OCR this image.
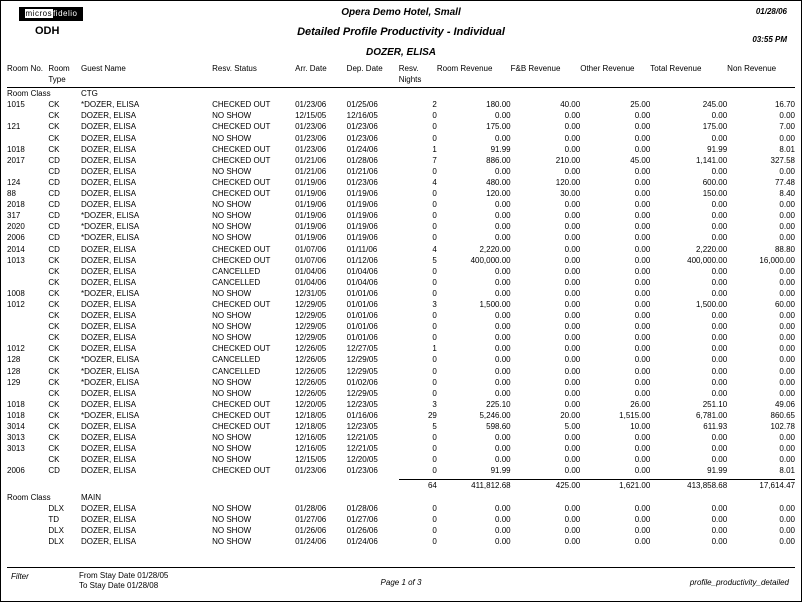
microsfidelio
ODH
Opera Demo Hotel, Small
Detailed Profile Productivity - Individual
DOZER, ELISA
01/28/06
03:55 PM
Room No.	Room	Guest Name	Resv. Status	Arr. Date	Dep. Date	Resv.	Room Revenue	F&B Revenue	Other Revenue	Total Revenue	Non Revenue
	Type					Nights					

Room Class		CTG									
1015	CK	*DOZER, ELISA	CHECKED OUT	01/23/06	01/25/06	2	180.00	40.00	25.00	245.00	16.70
	CK	DOZER, ELISA	NO SHOW	12/15/05	12/16/05	0	0.00	0.00	0.00	0.00	0.00
121	CK	DOZER, ELISA	CHECKED OUT	01/23/06	01/23/06	0	175.00	0.00	0.00	175.00	7.00
	CK	DOZER, ELISA	NO SHOW	01/23/06	01/23/06	0	0.00	0.00	0.00	0.00	0.00
1018	CK	DOZER, ELISA	CHECKED OUT	01/23/06	01/24/06	1	91.99	0.00	0.00	91.99	8.01
2017	CD	DOZER, ELISA	CHECKED OUT	01/21/06	01/28/06	7	886.00	210.00	45.00	1,141.00	327.58
	CD	DOZER, ELISA	NO SHOW	01/21/06	01/21/06	0	0.00	0.00	0.00	0.00	0.00
124	CD	DOZER, ELISA	CHECKED OUT	01/19/06	01/23/06	4	480.00	120.00	0.00	600.00	77.48
88	CD	DOZER, ELISA	CHECKED OUT	01/19/06	01/19/06	0	120.00	30.00	0.00	150.00	8.40
2018	CD	DOZER, ELISA	NO SHOW	01/19/06	01/19/06	0	0.00	0.00	0.00	0.00	0.00
317	CD	*DOZER, ELISA	NO SHOW	01/19/06	01/19/06	0	0.00	0.00	0.00	0.00	0.00
2020	CD	*DOZER, ELISA	NO SHOW	01/19/06	01/19/06	0	0.00	0.00	0.00	0.00	0.00
2006	CD	*DOZER, ELISA	NO SHOW	01/19/06	01/19/06	0	0.00	0.00	0.00	0.00	0.00
2014	CD	DOZER, ELISA	CHECKED OUT	01/07/06	01/11/06	4	2,220.00	0.00	0.00	2,220.00	88.80
1013	CK	DOZER, ELISA	CHECKED OUT	01/07/06	01/12/06	5	400,000.00	0.00	0.00	400,000.00	16,000.00
	CK	DOZER, ELISA	CANCELLED	01/04/06	01/04/06	0	0.00	0.00	0.00	0.00	0.00
	CK	DOZER, ELISA	CANCELLED	01/04/06	01/04/06	0	0.00	0.00	0.00	0.00	0.00
1008	CK	*DOZER, ELISA	NO SHOW	12/31/05	01/01/06	0	0.00	0.00	0.00	0.00	0.00
1012	CK	DOZER, ELISA	CHECKED OUT	12/29/05	01/01/06	3	1,500.00	0.00	0.00	1,500.00	60.00
	CK	DOZER, ELISA	NO SHOW	12/29/05	01/01/06	0	0.00	0.00	0.00	0.00	0.00
	CK	DOZER, ELISA	NO SHOW	12/29/05	01/01/06	0	0.00	0.00	0.00	0.00	0.00
	CK	DOZER, ELISA	NO SHOW	12/29/05	01/01/06	0	0.00	0.00	0.00	0.00	0.00
1012	CK	DOZER, ELISA	CHECKED OUT	12/26/05	12/27/05	1	0.00	0.00	0.00	0.00	0.00
128	CK	*DOZER, ELISA	CANCELLED	12/26/05	12/29/05	0	0.00	0.00	0.00	0.00	0.00
128	CK	*DOZER, ELISA	CANCELLED	12/26/05	12/29/05	0	0.00	0.00	0.00	0.00	0.00
129	CK	*DOZER, ELISA	NO SHOW	12/26/05	01/02/06	0	0.00	0.00	0.00	0.00	0.00
	CK	DOZER, ELISA	NO SHOW	12/26/05	12/29/05	0	0.00	0.00	0.00	0.00	0.00
1018	CK	DOZER, ELISA	CHECKED OUT	12/20/05	12/23/05	3	225.10	0.00	26.00	251.10	49.06
1018	CK	*DOZER, ELISA	CHECKED OUT	12/18/05	01/16/06	29	5,246.00	20.00	1,515.00	6,781.00	860.65
3014	CK	DOZER, ELISA	CHECKED OUT	12/18/05	12/23/05	5	598.60	5.00	10.00	611.93	102.78
3013	CK	DOZER, ELISA	NO SHOW	12/16/05	12/21/05	0	0.00	0.00	0.00	0.00	0.00
3013	CK	DOZER, ELISA	NO SHOW	12/16/05	12/21/05	0	0.00	0.00	0.00	0.00	0.00
	CK	DOZER, ELISA	NO SHOW	12/15/05	12/20/05	0	0.00	0.00	0.00	0.00	0.00
2006	CD	DOZER, ELISA	CHECKED OUT	01/23/06	01/23/06	0	91.99	0.00	0.00	91.99	8.01

						64	411,812.68	425.00	1,621.00	413,858.68	17,614.47
Room Class		MAIN									
	DLX	DOZER, ELISA	NO SHOW	01/28/06	01/28/06	0	0.00	0.00	0.00	0.00	0.00
	TD	DOZER, ELISA	NO SHOW	01/27/06	01/27/06	0	0.00	0.00	0.00	0.00	0.00
	DLX	DOZER, ELISA	NO SHOW	01/26/06	01/26/06	0	0.00	0.00	0.00	0.00	0.00
	DLX	DOZER, ELISA	NO SHOW	01/24/06	01/24/06	0	0.00	0.00	0.00	0.00	0.00
Filter	From Stay Date 01/28/05
To Stay Date 01/28/08	Page 1 of 3	profile_productivity_detailed
